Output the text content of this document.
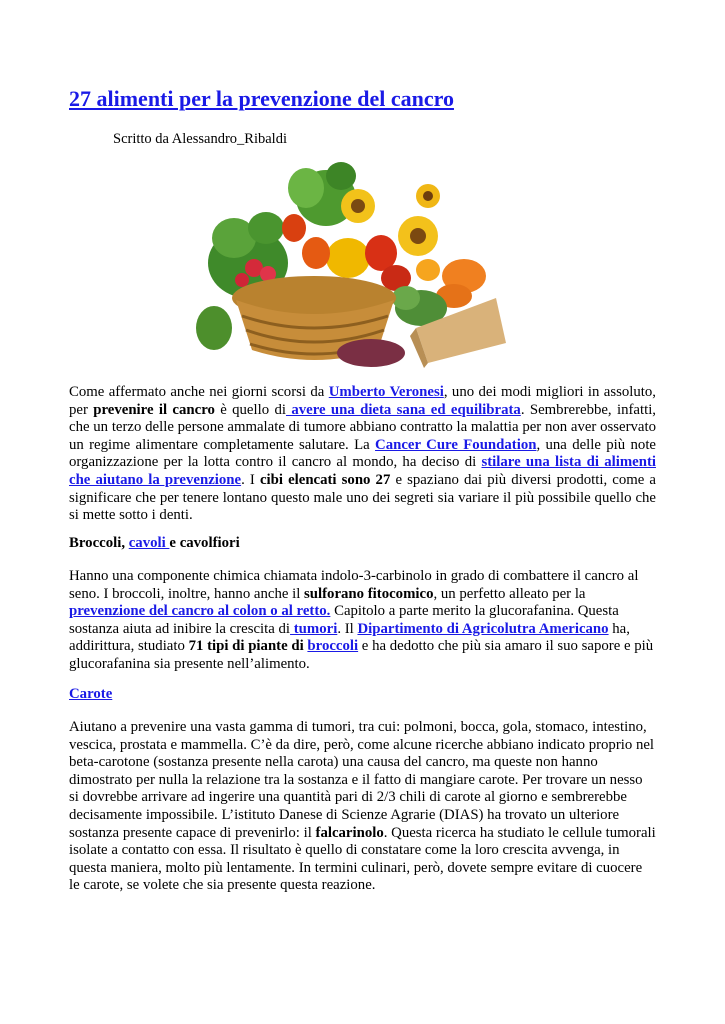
27 alimenti per la prevenzione del cancro

Scritto da Alessandro_Ribaldi

Come affermato anche nei giorni scorsi da Umberto Veronesi, uno dei modi migliori in assoluto, per prevenire il cancro è quello di avere una dieta sana ed equilibrata. Sembrerebbe, infatti, che un terzo delle persone ammalate di tumore abbiano contratto la malattia per non aver osservato un regime alimentare completamente salutare. La Cancer Cure Foundation, una delle più note organizzazione per la lotta contro il cancro al mondo, ha deciso di stilare una lista di alimenti che aiutano la prevenzione. I cibi elencati sono 27 e spaziano dai più diversi prodotti, come a significare che per tenere lontano questo male uno dei segreti sia variare il più possibile quello che si mette sotto i denti.

Broccoli, cavoli e cavolfiori

Hanno una componente chimica chiamata indolo-3-carbinolo in grado di combattere il cancro al seno. I broccoli, inoltre, hanno anche il sulforano fitocomico, un perfetto alleato per la prevenzione del cancro al colon o al retto. Capitolo a parte merito la glucorafanina. Questa sostanza aiuta ad inibire la crescita di tumori. Il Dipartimento di Agricolutra Americano ha, addirittura, studiato 71 tipi di piante di broccoli e ha dedotto che più sia amaro il suo sapore e più glucorafanina sia presente nell’alimento.

Carote

Aiutano a prevenire una vasta gamma di tumori, tra cui: polmoni, bocca, gola, stomaco, intestino, vescica, prostata e mammella. C’è da dire, però, come alcune ricerche abbiano indicato proprio nel beta-carotone (sostanza presente nella carota) una causa del cancro, ma queste non hanno dimostrato per nulla la relazione tra la sostanza e il fatto di mangiare carote. Per trovare un nesso si dovrebbe arrivare ad ingerire una quantità pari di 2/3 chili di carote al giorno e sembrerebbe decisamente impossibile. L’istituto Danese di Scienze Agrarie (DIAS) ha trovato un ulteriore sostanza presente capace di prevenirlo: il falcarinolo. Questa ricerca ha studiato le cellule tumorali isolate a contatto con essa. Il risultato è quello di constatare come la loro crescita avvenga, in questa maniera, molto più lentamente. In termini culinari, però, dovete sempre evitare di cuocere le carote, se volete che sia presente questa reazione.
